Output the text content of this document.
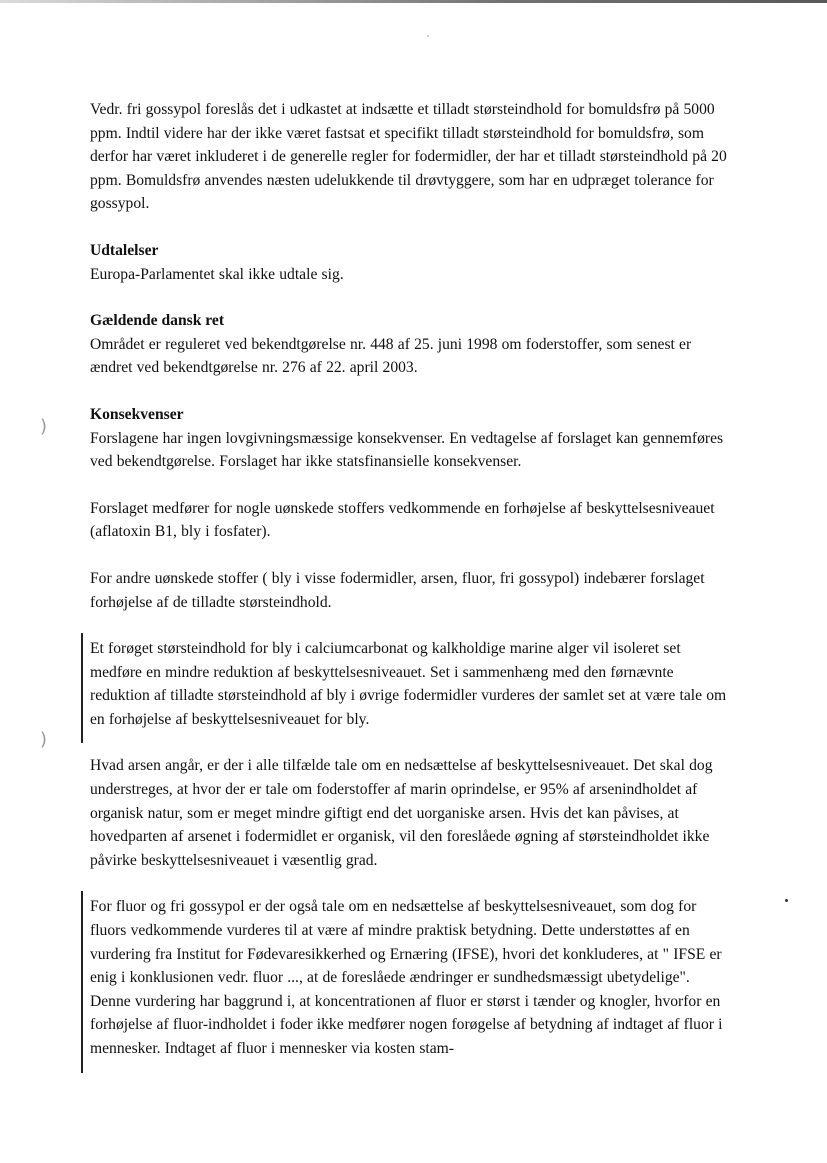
)
)

Vedr. fri gossypol foreslås det i udkastet at indsætte et tilladt størsteindhold for bomuldsfrø på 5000 ppm. Indtil videre har der ikke været fastsat et specifikt tilladt størsteindhold for bomuldsfrø, som derfor har været inkluderet i de generelle regler for fodermidler, der har et tilladt størsteindhold på 20 ppm. Bomuldsfrø anvendes næsten udelukkende til drøvtyggere, som har en udpræget tolerance for gossypol.

Udtalelser

Europa-Parlamentet skal ikke udtale sig.

Gældende dansk ret

Området er reguleret ved bekendtgørelse nr. 448 af 25. juni 1998 om foderstoffer, som senest er ændret ved bekendtgørelse nr. 276 af 22. april 2003.

Konsekvenser

Forslagene har ingen lovgivningsmæssige konsekvenser. En vedtagelse af forslaget kan gennemføres ved bekendtgørelse. Forslaget har ikke statsfinansielle konsekvenser.

Forslaget medfører for nogle uønskede stoffers vedkommende en forhøjelse af beskyttelsesniveauet (aflatoxin B1, bly i fosfater).

For andre uønskede stoffer ( bly i visse fodermidler, arsen, fluor, fri gossypol) indebærer forslaget forhøjelse af de tilladte størsteindhold.

Et forøget størsteindhold for bly i calciumcarbonat og kalkholdige marine alger vil isoleret set medføre en mindre reduktion af beskyttelsesniveauet. Set i sammenhæng med den førnævnte reduktion af tilladte størsteindhold af bly i øvrige fodermidler vurderes der samlet set at være tale om en forhøjelse af beskyttelsesniveauet for bly.

Hvad arsen angår, er der i alle tilfælde tale om en nedsættelse af beskyttelsesniveauet. Det skal dog understreges, at hvor der er tale om foderstoffer af marin oprindelse, er 95% af arsenindholdet af organisk natur, som er meget mindre giftigt end det uorganiske arsen. Hvis det kan påvises, at hovedparten af arsenet i fodermidlet er organisk, vil den foreslåede øgning af størsteindholdet ikke påvirke beskyttelsesniveauet i væsentlig grad.

For fluor og fri gossypol er der også tale om en nedsættelse af beskyttelsesniveauet, som dog for fluors vedkommende vurderes til at være af mindre praktisk betydning. Dette understøttes af en vurdering fra Institut for Fødevaresikkerhed og Ernæring (IFSE), hvori det konkluderes, at " IFSE er enig i konklusionen vedr. fluor ..., at de foreslåede ændringer er sundhedsmæssigt ubetydelige". Denne vurdering har baggrund i, at koncentrationen af fluor er størst i tænder og knogler, hvorfor en forhøjelse af fluor-indholdet i foder ikke medfører nogen forøgelse af betydning af indtaget af fluor i mennesker. Indtaget af fluor i mennesker via kosten stam-
